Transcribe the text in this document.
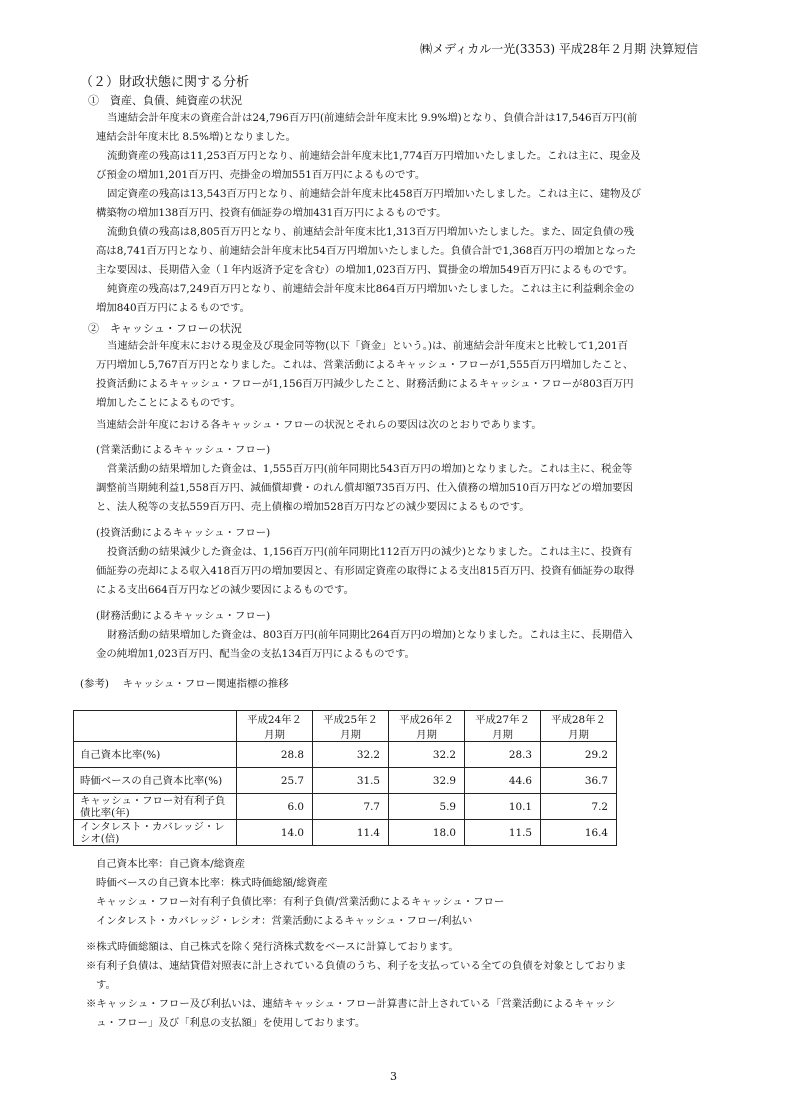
㈱メディカル一光(3353) 平成28年２月期 決算短信
（２）財政状態に関する分析
①　資産、負債、純資産の状況
当連結会計年度末の資産合計は24,796百万円(前連結会計年度末比 9.9%増)となり、負債合計は17,546百万円(前
連結会計年度末比 8.5%増)となりました。
流動資産の残高は11,253百万円となり、前連結会計年度末比1,774百万円増加いたしました。これは主に、現金及
び預金の増加1,201百万円、売掛金の増加551百万円によるものです。
固定資産の残高は13,543百万円となり、前連結会計年度末比458百万円増加いたしました。これは主に、建物及び
構築物の増加138百万円、投資有価証券の増加431百万円によるものです。
流動負債の残高は8,805百万円となり、前連結会計年度末比1,313百万円増加いたしました。また、固定負債の残
高は8,741百万円となり、前連結会計年度末比54百万円増加いたしました。負債合計で1,368百万円の増加となった
主な要因は、長期借入金（１年内返済予定を含む）の増加1,023百万円、買掛金の増加549百万円によるものです。
純資産の残高は7,249百万円となり、前連結会計年度末比864百万円増加いたしました。これは主に利益剰余金の
増加840百万円によるものです。
②　キャッシュ・フローの状況
当連結会計年度末における現金及び現金同等物(以下「資金」という。)は、前連結会計年度末と比較して1,201百
万円増加し5,767百万円となりました。これは、営業活動によるキャッシュ・フローが1,555百万円増加したこと、
投資活動によるキャッシュ・フローが1,156百万円減少したこと、財務活動によるキャッシュ・フローが803百万円
増加したことによるものです。
当連結会計年度における各キャッシュ・フローの状況とそれらの要因は次のとおりであります。
(営業活動によるキャッシュ・フロー)
営業活動の結果増加した資金は、1,555百万円(前年同期比543百万円の増加)となりました。これは主に、税金等
調整前当期純利益1,558百万円、減価償却費・のれん償却額735百万円、仕入債務の増加510百万円などの増加要因
と、法人税等の支払559百万円、売上債権の増加528百万円などの減少要因によるものです。
(投資活動によるキャッシュ・フロー)
投資活動の結果減少した資金は、1,156百万円(前年同期比112百万円の減少)となりました。これは主に、投資有
価証券の売却による収入418百万円の増加要因と、有形固定資産の取得による支出815百万円、投資有価証券の取得
による支出664百万円などの減少要因によるものです。
(財務活動によるキャッシュ・フロー)
財務活動の結果増加した資金は、803百万円(前年同期比264百万円の増加)となりました。これは主に、長期借入
金の純増加1,023百万円、配当金の支払134百万円によるものです。
(参考)　 キャッシュ・フロー関連指標の推移
	平成24年２月期	平成25年２月期	平成26年２月期	平成27年２月期	平成28年２月期
自己資本比率(%)	28.8	32.2	32.2	28.3	29.2
時価ベースの自己資本比率(%)	25.7	31.5	32.9	44.6	36.7
キャッシュ・フロー対有利子負債比率(年)	6.0	7.7	5.9	10.1	7.2
インタレスト・カバレッジ・レシオ(倍)	14.0	11.4	18.0	11.5	16.4
自己資本比率：自己資本/総資産
時価ベースの自己資本比率：株式時価総額/総資産
キャッシュ・フロー対有利子負債比率：有利子負債/営業活動によるキャッシュ・フロー
インタレスト・カバレッジ・レシオ：営業活動によるキャッシュ・フロー/利払い
※株式時価総額は、自己株式を除く発行済株式数をベースに計算しております。
※有利子負債は、連結貸借対照表に計上されている負債のうち、利子を支払っている全ての負債を対象としておりま
す。
※キャッシュ・フロー及び利払いは、連結キャッシュ・フロー計算書に計上されている「営業活動によるキャッシ
ュ・フロー」及び「利息の支払額」を使用しております。
3
